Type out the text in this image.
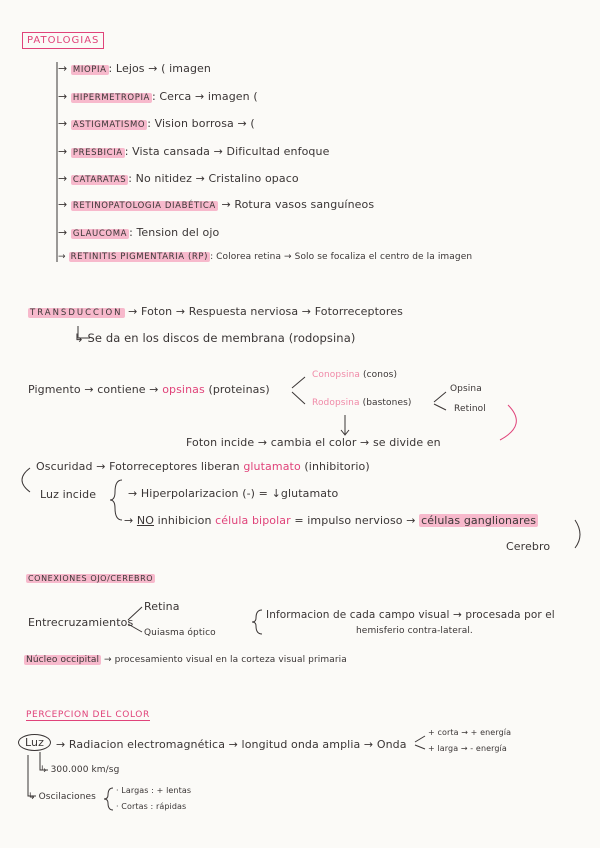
PATOLOGIAS
→ MIOPIA : Lejos → ( imagen
→ HIPERMETROPIA : Cerca → imagen (
→ ASTIGMATISMO : Vision borrosa → (
→ PRESBICIA : Vista cansada → Dificultad enfoque
→ CATARATAS : No nitidez → Cristalino opaco
→ RETINOPATOLOGIA DIABÉTICA → Rotura vasos sanguíneos
→ GLAUCOMA : Tension del ojo
→ RETINITIS PIGMENTARIA (RP) : Colorea retina → Solo se focaliza el centro de la imagen
TRANSDUCCION → Foton → Respuesta nerviosa → Fotorreceptores
↳ Se da en los discos de membrana (rodopsina)
Pigmento → contiene → opsinas (proteinas)
Conopsina (conos)
Rodopsina (bastones)
Opsina
Retinol
Foton incide → cambia el color → se divide en
Oscuridad → Fotorreceptores liberan glutamato (inhibitorio)
Luz incide	→ Hiperpolarizacion (-) = ↓glutamato
→ NO inhibicion célula bipolar = impulso nervioso → células ganglionares
Cerebro
CONEXIONES OJO/CEREBRO
Entrecruzamientos
Retina
Quiasma óptico
Informacion de cada campo visual → procesada por el
hemisferio contra-lateral.
Núcleo occipital → procesamiento visual en la corteza visual primaria
PERCEPCION DEL COLOR
Luz	→ Radiacion electromagnética → longitud onda amplia → Onda
+ corta → + energía
+ larga → - energía
↳ 300.000 km/sg
↳ Oscilaciones
· Largas : + lentas
· Cortas : rápidas
